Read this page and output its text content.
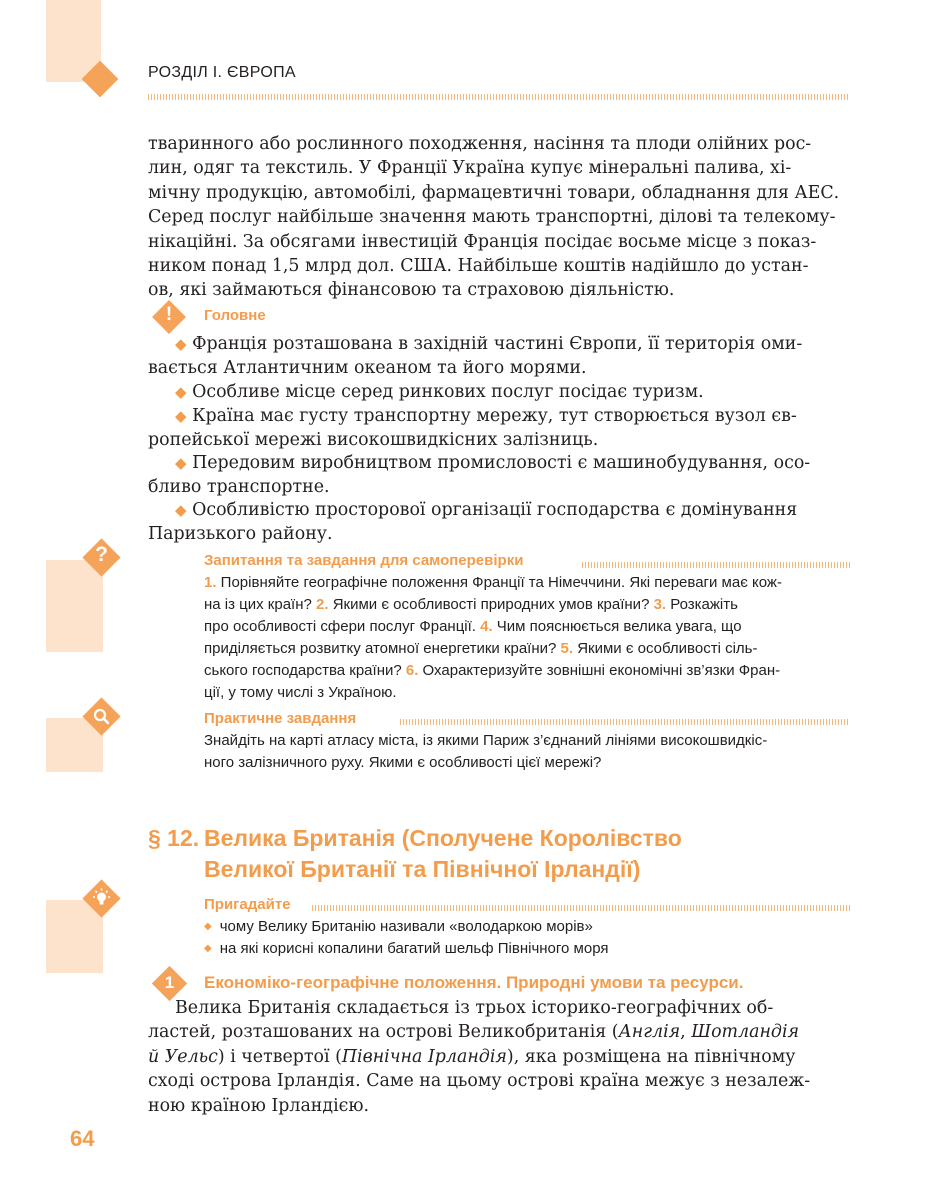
РОЗДІЛ І. ЄВРОПА
тваринного або рослинного походження, насіння та плоди олійних рос-
лин, одяг та текстиль. У Франції Україна купує мінеральні палива, хі-
мічну продукцію, автомобілі, фармацевтичні товари, обладнання для АЕС.
Серед послуг найбільше значення мають транспортні, ділові та телекому-
нікаційні. За обсягами інвестицій Франція посідає восьме місце з показ-
ником понад 1,5 млрд дол. США. Найбільше коштів надійшло до устан-
ов, які займаються фінансовою та страховою діяльністю.
!	Головне
◆ Франція розташована в західній частині Європи, її територія оми-
вається Атлантичним океаном та його морями.
◆ Особливе місце серед ринкових послуг посідає туризм.
◆ Країна має густу транспортну мережу, тут створюється вузол єв-
ропейської мережі високошвидкісних залізниць.
◆ Передовим виробництвом промисловості є машинобудування, осо-
бливо транспортне.
◆ Особливістю просторової організації господарства є домінування
Паризького району.
?	Запитання та завдання для самоперевірки
1. Порівняйте географічне положення Франції та Німеччини. Які переваги має кож-
на із цих країн? 2. Якими є особливості природних умов країни? 3. Розкажіть
про особливості сфери послуг Франції. 4. Чим пояснюється велика увага, що
приділяється розвитку атомної енергетики країни? 5. Якими є особливості сіль-
ського господарства країни? 6. Охарактеризуйте зовнішні економічні зв’язки Фран-
ції, у тому числі з Україною.
Практичне завдання
Знайдіть на карті атласу міста, із якими Париж з’єднаний лініями високошвидкіс-
ного залізничного руху. Якими є особливості цієї мережі?
§ 12. Велика Британія (Сполучене Королівство
Великої Британії та Північної Ірландії)
Пригадайте
◆ чому Велику Британію називали «володаркою морів»
◆ на які корисні копалини багатий шельф Північного моря
1 Економіко-географічне положення. Природні умови та ресурси.
Велика Британія складається із трьох історико-географічних об-
ластей, розташованих на острові Великобританія (Англія, Шотландія
й Уельс) і четвертої (Північна Ірландія), яка розміщена на північному
сході острова Ірландія. Саме на цьому острові країна межує з незалеж-
ною країною Ірландією.
64
